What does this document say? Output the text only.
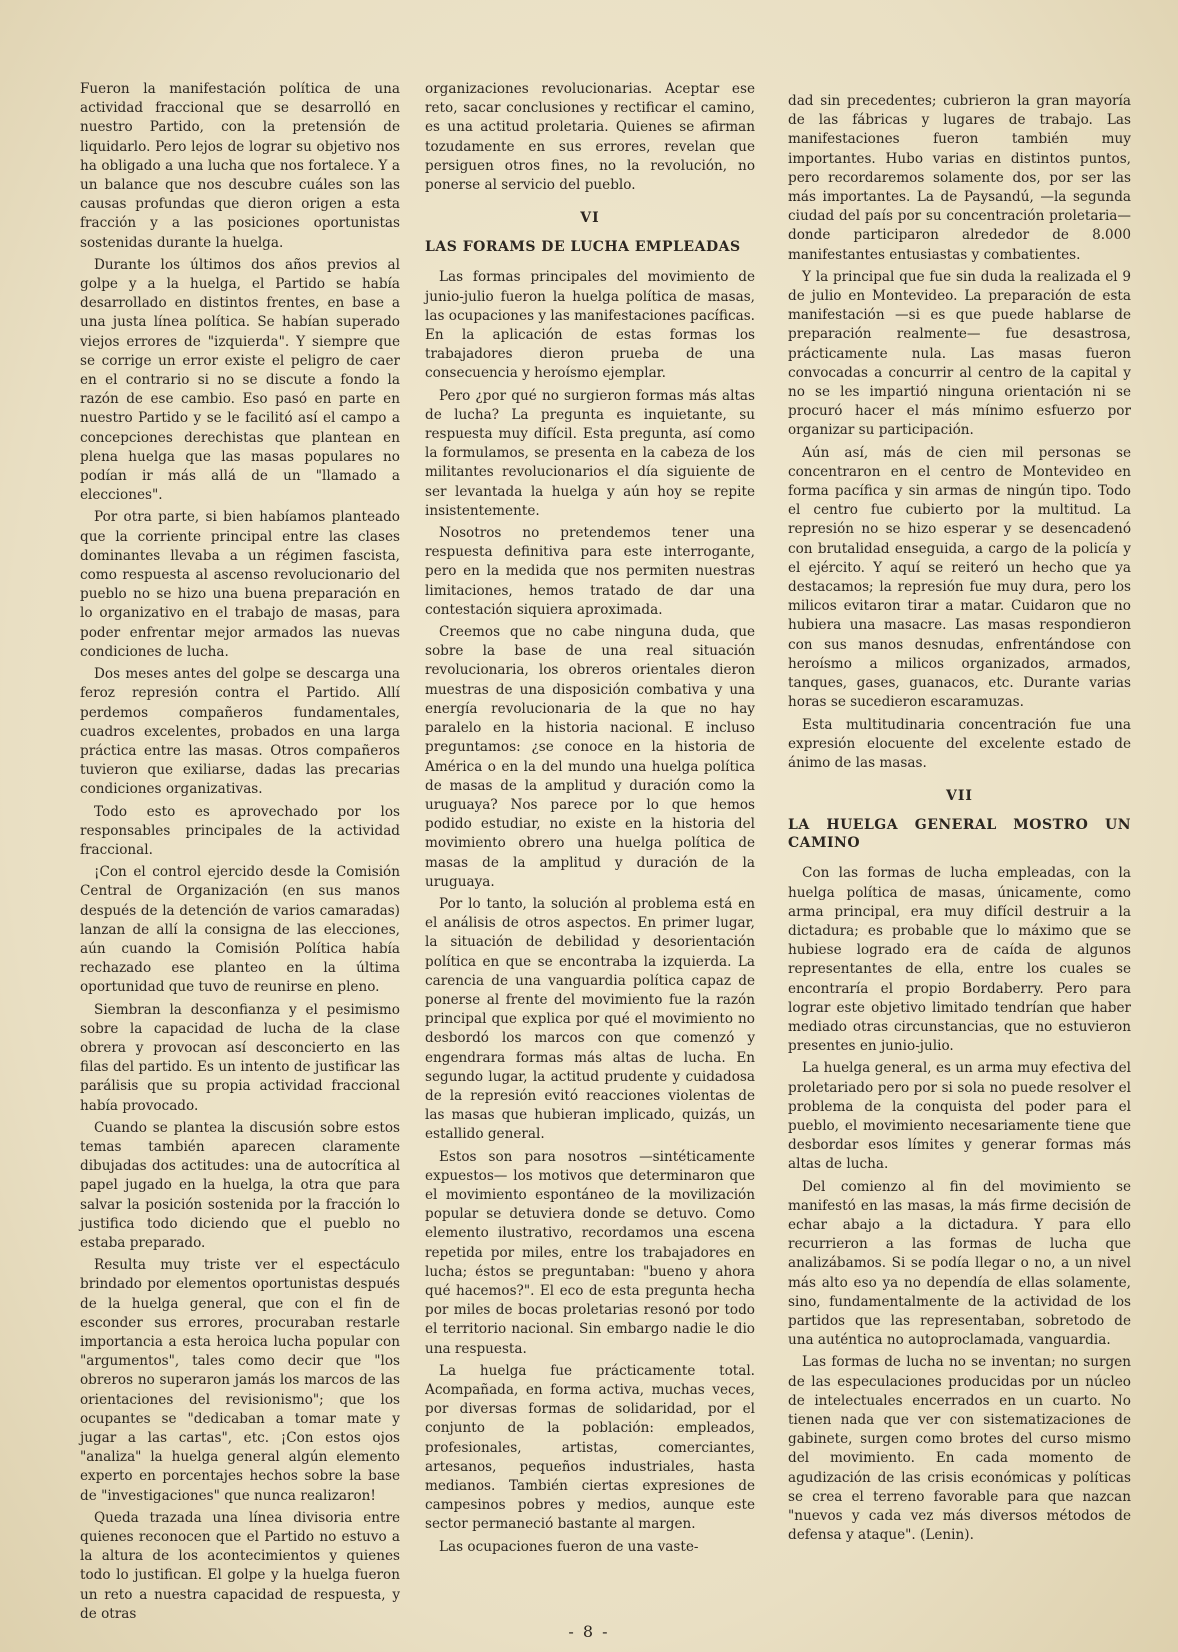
Fueron la manifestación política de una actividad fraccional que se desarrolló en nuestro Partido, con la pretensión de liquidarlo. Pero lejos de lograr su objetivo nos ha obligado a una lucha que nos fortalece. Y a un balance que nos descubre cuáles son las causas profundas que dieron origen a esta fracción y a las posiciones oportunistas sostenidas durante la huelga.

Durante los últimos dos años previos al golpe y a la huelga, el Partido se había desarrollado en distintos frentes, en base a una justa línea política. Se habían superado viejos errores de "izquierda". Y siempre que se corrige un error existe el peligro de caer en el contrario si no se discute a fondo la razón de ese cambio. Eso pasó en parte en nuestro Partido y se le facilitó así el campo a concepciones derechistas que plantean en plena huelga que las masas populares no podían ir más allá de un "llamado a elecciones".

Por otra parte, si bien habíamos planteado que la corriente principal entre las clases dominantes llevaba a un régimen fascista, como respuesta al ascenso revolucionario del pueblo no se hizo una buena preparación en lo organizativo en el trabajo de masas, para poder enfrentar mejor armados las nuevas condiciones de lucha.

Dos meses antes del golpe se descarga una feroz represión contra el Partido. Allí perdemos compañeros fundamentales, cuadros excelentes, probados en una larga práctica entre las masas. Otros compañeros tuvieron que exiliarse, dadas las precarias condiciones organizativas.

Todo esto es aprovechado por los responsables principales de la actividad fraccional.

¡Con el control ejercido desde la Comisión Central de Organización (en sus manos después de la detención de varios camaradas) lanzan de allí la consigna de las elecciones, aún cuando la Comisión Política había rechazado ese planteo en la última oportunidad que tuvo de reunirse en pleno.

Siembran la desconfianza y el pesimismo sobre la capacidad de lucha de la clase obrera y provocan así desconcierto en las filas del partido. Es un intento de justificar las parálisis que su propia actividad fraccional había provocado.

Cuando se plantea la discusión sobre estos temas también aparecen claramente dibujadas dos actitudes: una de autocrítica al papel jugado en la huelga, la otra que para salvar la posición sostenida por la fracción lo justifica todo diciendo que el pueblo no estaba preparado.

Resulta muy triste ver el espectáculo brindado por elementos oportunistas después de la huelga general, que con el fin de esconder sus errores, procuraban restarle importancia a esta heroica lucha popular con "argumentos", tales como decir que "los obreros no superaron jamás los marcos de las orientaciones del revisionismo"; que los ocupantes se "dedicaban a tomar mate y jugar a las cartas", etc. ¡Con estos ojos "analiza" la huelga general algún elemento experto en porcentajes hechos sobre la base de "investigaciones" que nunca realizaron!

Queda trazada una línea divisoria entre quienes reconocen que el Partido no estuvo a la altura de los acontecimientos y quienes todo lo justifican. El golpe y la huelga fueron un reto a nuestra capacidad de respuesta, y de otras

organizaciones revolucionarias. Aceptar ese reto, sacar conclusiones y rectificar el camino, es una actitud proletaria. Quienes se afirman tozudamente en sus errores, revelan que persiguen otros fines, no la revolución, no ponerse al servicio del pueblo.

VI
LAS FORAMS DE LUCHA EMPLEADAS

Las formas principales del movimiento de junio-julio fueron la huelga política de masas, las ocupaciones y las manifestaciones pacíficas. En la aplicación de estas formas los trabajadores dieron prueba de una consecuencia y heroísmo ejemplar.

Pero ¿por qué no surgieron formas más altas de lucha? La pregunta es inquietante, su respuesta muy difícil. Esta pregunta, así como la formulamos, se presenta en la cabeza de los militantes revolucionarios el día siguiente de ser levantada la huelga y aún hoy se repite insistentemente.

Nosotros no pretendemos tener una respuesta definitiva para este interrogante, pero en la medida que nos permiten nuestras limitaciones, hemos tratado de dar una contestación siquiera aproximada.

Creemos que no cabe ninguna duda, que sobre la base de una real situación revolucionaria, los obreros orientales dieron muestras de una disposición combativa y una energía revolucionaria de la que no hay paralelo en la historia nacional. E incluso preguntamos: ¿se conoce en la historia de América o en la del mundo una huelga política de masas de la amplitud y duración como la uruguaya? Nos parece por lo que hemos podido estudiar, no existe en la historia del movimiento obrero una huelga política de masas de la amplitud y duración de la uruguaya.

Por lo tanto, la solución al problema está en el análisis de otros aspectos. En primer lugar, la situación de debilidad y desorientación política en que se encontraba la izquierda. La carencia de una vanguardia política capaz de ponerse al frente del movimiento fue la razón principal que explica por qué el movimiento no desbordó los marcos con que comenzó y engendrara formas más altas de lucha. En segundo lugar, la actitud prudente y cuidadosa de la represión evitó reacciones violentas de las masas que hubieran implicado, quizás, un estallido general.

Estos son para nosotros —sintéticamente expuestos— los motivos que determinaron que el movimiento espontáneo de la movilización popular se detuviera donde se detuvo. Como elemento ilustrativo, recordamos una escena repetida por miles, entre los trabajadores en lucha; éstos se preguntaban: "bueno y ahora qué hacemos?". El eco de esta pregunta hecha por miles de bocas proletarias resonó por todo el territorio nacional. Sin embargo nadie le dio una respuesta.

La huelga fue prácticamente total. Acompañada, en forma activa, muchas veces, por diversas formas de solidaridad, por el conjunto de la población: empleados, profesionales, artistas, comerciantes, artesanos, pequeños industriales, hasta medianos. También ciertas expresiones de campesinos pobres y medios, aunque este sector permaneció bastante al margen.

Las ocupaciones fueron de una vaste-

dad sin precedentes; cubrieron la gran mayoría de las fábricas y lugares de trabajo. Las manifestaciones fueron también muy importantes. Hubo varias en distintos puntos, pero recordaremos solamente dos, por ser las más importantes. La de Paysandú, —la segunda ciudad del país por su concentración proletaria— donde participaron alrededor de 8.000 manifestantes entusiastas y combatientes.

Y la principal que fue sin duda la realizada el 9 de julio en Montevideo. La preparación de esta manifestación —si es que puede hablarse de preparación realmente— fue desastrosa, prácticamente nula. Las masas fueron convocadas a concurrir al centro de la capital y no se les impartió ninguna orientación ni se procuró hacer el más mínimo esfuerzo por organizar su participación.

Aún así, más de cien mil personas se concentraron en el centro de Montevideo en forma pacífica y sin armas de ningún tipo. Todo el centro fue cubierto por la multitud. La represión no se hizo esperar y se desencadenó con brutalidad enseguida, a cargo de la policía y el ejército. Y aquí se reiteró un hecho que ya destacamos; la represión fue muy dura, pero los milicos evitaron tirar a matar. Cuidaron que no hubiera una masacre. Las masas respondieron con sus manos desnudas, enfrentándose con heroísmo a milicos organizados, armados, tanques, gases, guanacos, etc. Durante varias horas se sucedieron escaramuzas.

Esta multitudinaria concentración fue una expresión elocuente del excelente estado de ánimo de las masas.

VII
LA HUELGA GENERAL MOSTRO UN CAMINO

Con las formas de lucha empleadas, con la huelga política de masas, únicamente, como arma principal, era muy difícil destruir a la dictadura; es probable que lo máximo que se hubiese logrado era de caída de algunos representantes de ella, entre los cuales se encontraría el propio Bordaberry. Pero para lograr este objetivo limitado tendrían que haber mediado otras circunstancias, que no estuvieron presentes en junio-julio.

La huelga general, es un arma muy efectiva del proletariado pero por si sola no puede resolver el problema de la conquista del poder para el pueblo, el movimiento necesariamente tiene que desbordar esos límites y generar formas más altas de lucha.

Del comienzo al fin del movimiento se manifestó en las masas, la más firme decisión de echar abajo a la dictadura. Y para ello recurrieron a las formas de lucha que analizábamos. Si se podía llegar o no, a un nivel más alto eso ya no dependía de ellas solamente, sino, fundamentalmente de la actividad de los partidos que las representaban, sobretodo de una auténtica no autoproclamada, vanguardia.

Las formas de lucha no se inventan; no surgen de las especulaciones producidas por un núcleo de intelectuales encerrados en un cuarto. No tienen nada que ver con sistematizaciones de gabinete, surgen como brotes del curso mismo del movimiento. En cada momento de agudización de las crisis económicas y políticas se crea el terreno favorable para que nazcan "nuevos y cada vez más diversos métodos de defensa y ataque". (Lenin).

- 8 -
